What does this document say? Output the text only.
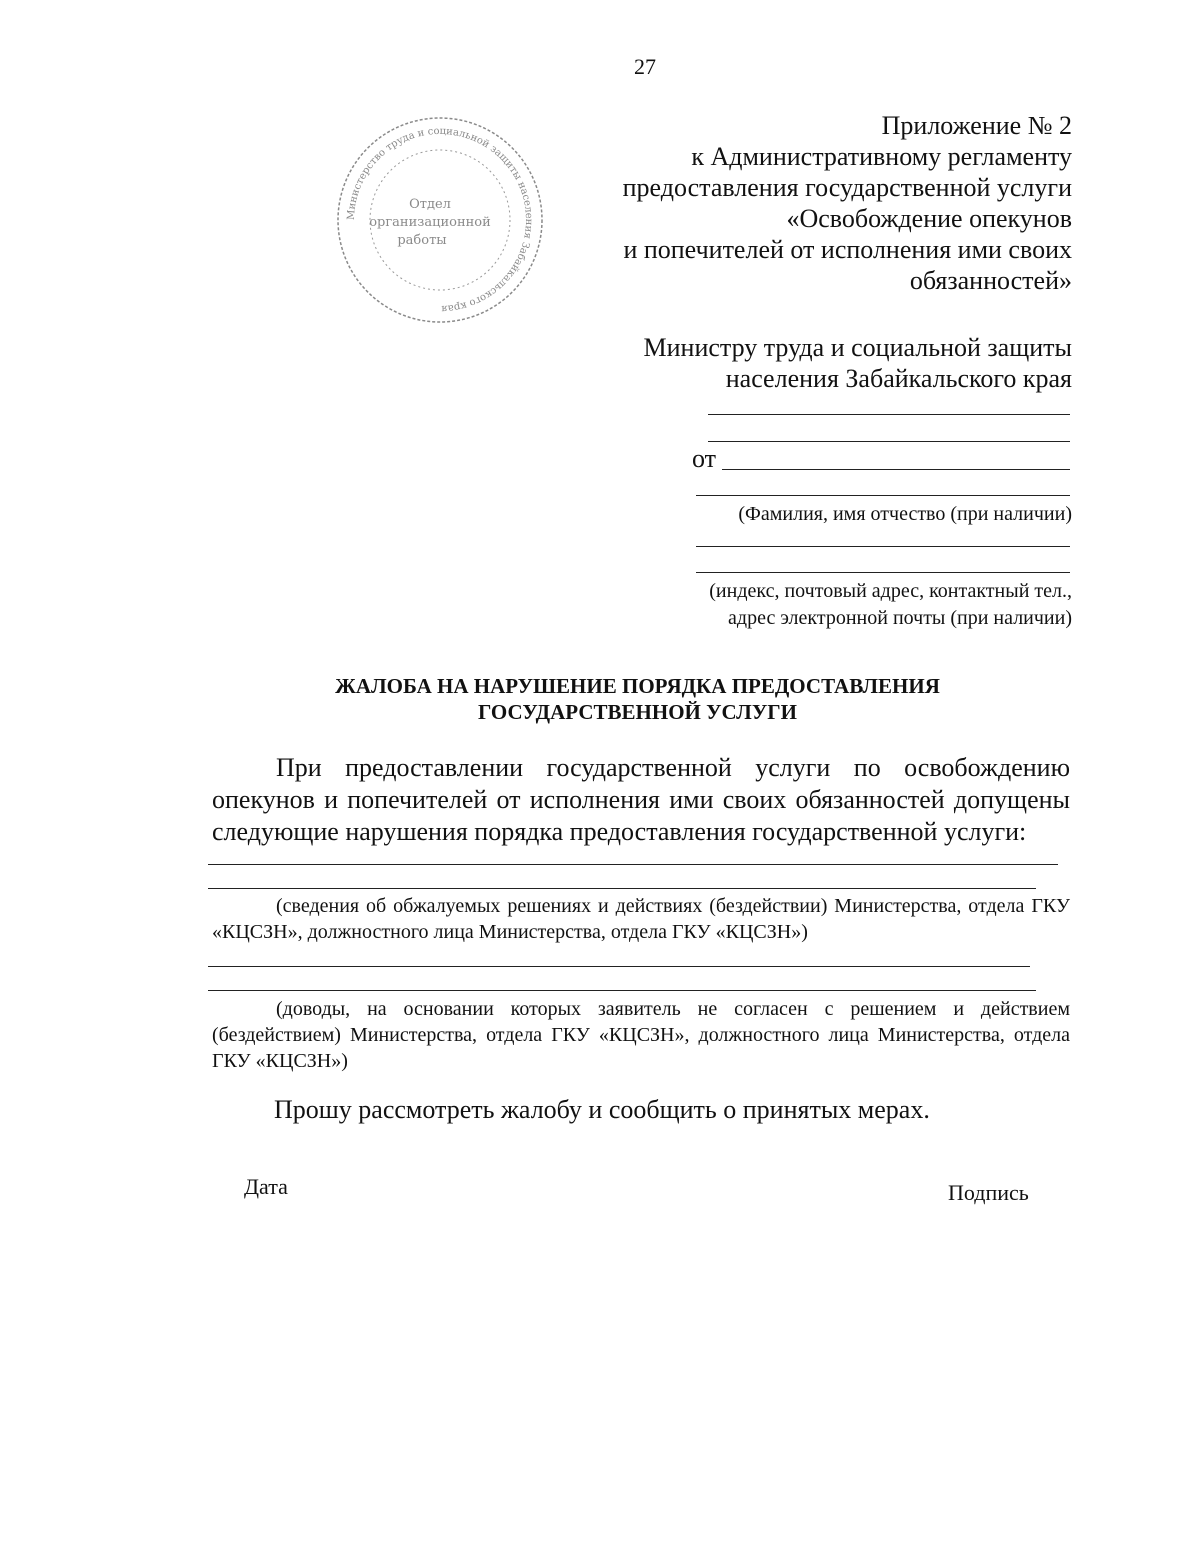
27
Министерство труда и социальной защиты населения Забайкальского края
Отдел
организационной
работы
Приложение № 2
к Административному регламенту
предоставления государственной услуги
«Освобождение опекунов
и попечителей от исполнения ими своих обязанностей»
Министру труда и социальной защиты
населения Забайкальского края
от
(Фамилия, имя отчество (при наличии)
(индекс, почтовый адрес, контактный тел.,
адрес электронной почты (при наличии)
ЖАЛОБА НА НАРУШЕНИЕ ПОРЯДКА ПРЕДОСТАВЛЕНИЯ
ГОСУДАРСТВЕННОЙ УСЛУГИ
При предоставлении государственной услуги по освобождению опекунов и попечителей от исполнения ими своих обязанностей допущены следующие нарушения порядка предоставления государственной услуги:
(сведения об обжалуемых решениях и действиях (бездействии) Министерства, отдела ГКУ «КЦСЗН», должностного лица Министерства, отдела ГКУ «КЦСЗН»)
(доводы, на основании которых заявитель не согласен с решением и действием (бездействием) Министерства, отдела ГКУ «КЦСЗН», должностного лица Министерства, отдела ГКУ «КЦСЗН»)
Прошу рассмотреть жалобу и сообщить о принятых мерах.
Дата	Подпись
